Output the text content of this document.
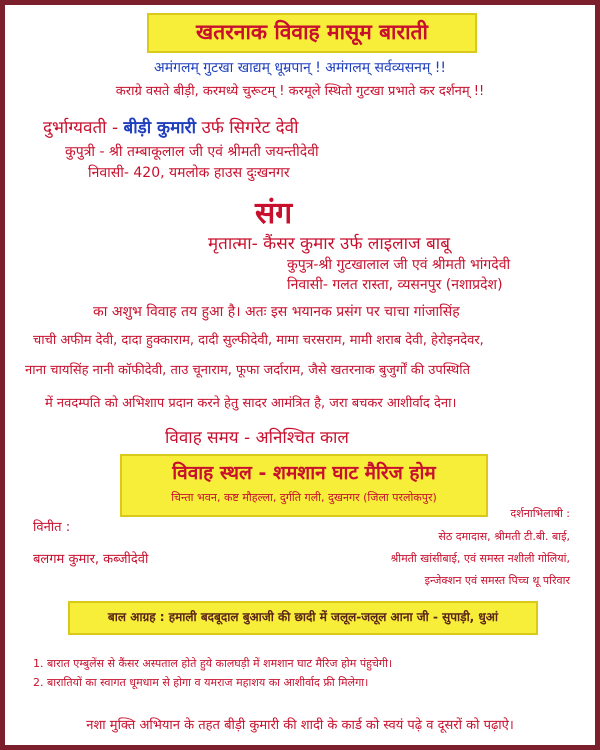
खतरनाक विवाह मासूम बाराती
अमंगलम् गुटखा खाद्यम् धूम्रपान् ! अमंगलम् सर्वव्यसनम् !!
कराग्रे वसते बीड़ी, करमध्ये चुरूटम् ! करमूले स्थितो गुटखा प्रभाते कर दर्शनम् !!
दुर्भाग्यवती - बीड़ी कुमारी उर्फ सिगरेट देवी
कुपुत्री - श्री तम्बाकूलाल जी एवं श्रीमती जयन्तीदेवी
निवासी- 420, यमलोक हाउस दुःखनगर
संग
मृतात्मा- कैंसर कुमार उर्फ लाइलाज बाबू
कुपुत्र-श्री गुटखालाल जी एवं श्रीमती भांगदेवी
निवासी- गलत रास्ता, व्यसनपुर (नशाप्रदेश)
का अशुभ विवाह तय हुआ है। अतः इस भयानक प्रसंग पर चाचा गांजासिंह
चाची अफीम देवी, दादा हुक्काराम, दादी सुल्फीदेवी, मामा चरसराम, मामी शराब देवी, हेरोइनदेवर,
नाना चायसिंह नानी कॉफीदेवी, ताउ चूनाराम, फूफा जर्दाराम, जैसे खतरनाक बुजुर्गों की उपस्थिति
में नवदम्पति को अभिशाप प्रदान करने हेतु सादर आमंत्रित है, जरा बचकर आशीर्वाद देना।
विवाह समय - अनिश्चित काल
विवाह स्थल - शमशान घाट मैरिज होम
चिन्ता भवन, कष्ट मौहल्ला, दुर्गति गली, दुखनगर (जिला परलोकपुर)
विनीत :
बलगम कुमार, कब्जीदेवी
दर्शनाभिलाषी :
सेठ दमादास, श्रीमती टी.बी. बाई,
श्रीमती खांसीबाई, एवं समस्त नशीली गोलियां,
इन्जेक्शन एवं समस्त पिच्च थू परिवार
बाल आग्रह : हमाली बदबूदाल बुआजी की छादी में जलूल-जलूल आना जी - सुपाड़ी, धुआं
1. बारात एम्बुलेंस से कैंसर अस्पताल होते हुये कालघड़ी में शमशान घाट मैरिज होम पंहुचेगी।
2. बारातियों का स्वागत धूमधाम से होगा व यमराज महाशय का आशीर्वाद फ्री मिलेगा।
नशा मुक्ति अभियान के तहत बीड़ी कुमारी की शादी के कार्ड को स्वयं पढ़े व दूसरों को पढ़ाऐ।
